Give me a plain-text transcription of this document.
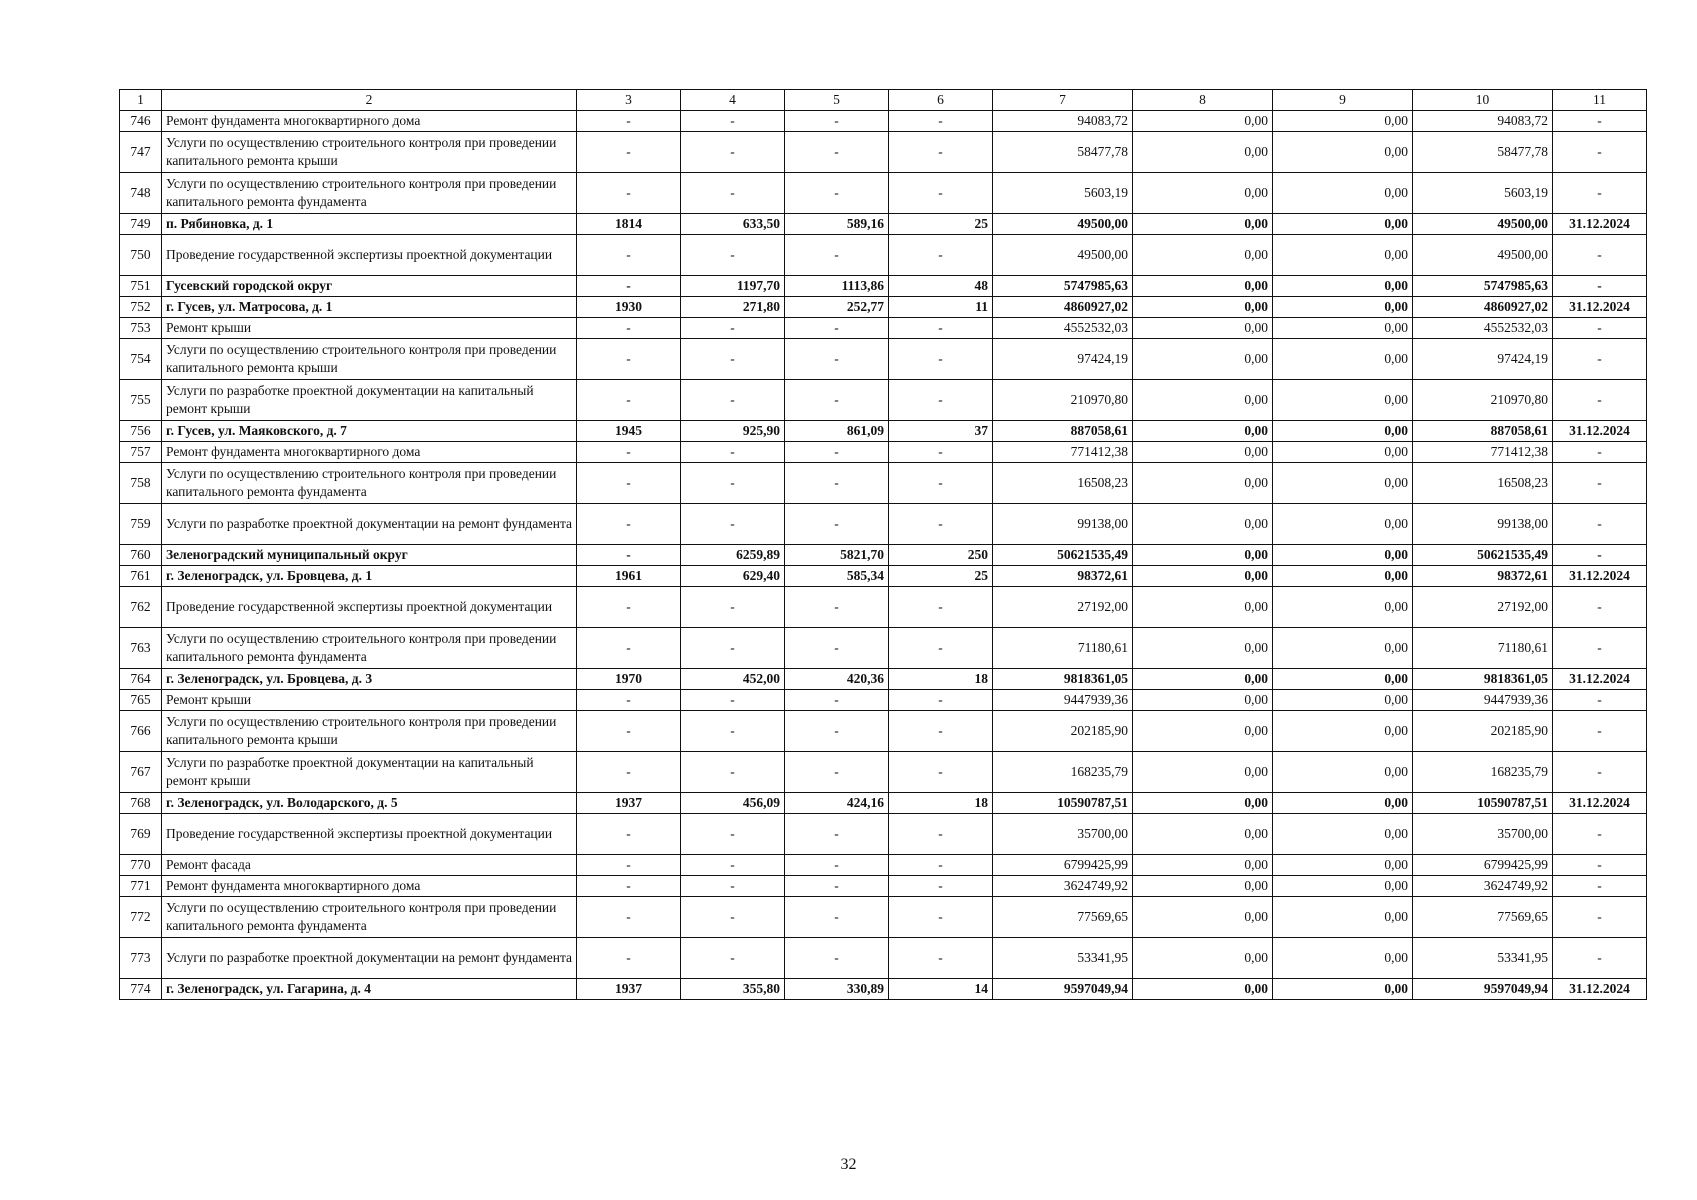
1	2	3	4	5	6	7	8	9	10	11
746	Ремонт фундамента многоквартирного дома	-	-	-	-	94083,72	0,00	0,00	94083,72	-
747	Услуги по осуществлению строительного контроля при проведении капитального ремонта крыши	-	-	-	-	58477,78	0,00	0,00	58477,78	-
748	Услуги по осуществлению строительного контроля при проведении капитального ремонта фундамента	-	-	-	-	5603,19	0,00	0,00	5603,19	-
749	п. Рябиновка, д. 1	1814	633,50	589,16	25	49500,00	0,00	0,00	49500,00	31.12.2024
750	Проведение государственной экспертизы проектной документации	-	-	-	-	49500,00	0,00	0,00	49500,00	-
751	Гусевский городской округ	-	1197,70	1113,86	48	5747985,63	0,00	0,00	5747985,63	-
752	г. Гусев, ул. Матросова, д. 1	1930	271,80	252,77	11	4860927,02	0,00	0,00	4860927,02	31.12.2024
753	Ремонт крыши	-	-	-	-	4552532,03	0,00	0,00	4552532,03	-
754	Услуги по осуществлению строительного контроля при проведении капитального ремонта крыши	-	-	-	-	97424,19	0,00	0,00	97424,19	-
755	Услуги по разработке проектной документации на капитальный ремонт крыши	-	-	-	-	210970,80	0,00	0,00	210970,80	-
756	г. Гусев, ул. Маяковского, д. 7	1945	925,90	861,09	37	887058,61	0,00	0,00	887058,61	31.12.2024
757	Ремонт фундамента многоквартирного дома	-	-	-	-	771412,38	0,00	0,00	771412,38	-
758	Услуги по осуществлению строительного контроля при проведении капитального ремонта фундамента	-	-	-	-	16508,23	0,00	0,00	16508,23	-
759	Услуги по разработке проектной документации на ремонт фундамента	-	-	-	-	99138,00	0,00	0,00	99138,00	-
760	Зеленоградский муниципальный округ	-	6259,89	5821,70	250	50621535,49	0,00	0,00	50621535,49	-
761	г. Зеленоградск, ул. Бровцева, д. 1	1961	629,40	585,34	25	98372,61	0,00	0,00	98372,61	31.12.2024
762	Проведение государственной экспертизы проектной документации	-	-	-	-	27192,00	0,00	0,00	27192,00	-
763	Услуги по осуществлению строительного контроля при проведении капитального ремонта фундамента	-	-	-	-	71180,61	0,00	0,00	71180,61	-
764	г. Зеленоградск, ул. Бровцева, д. 3	1970	452,00	420,36	18	9818361,05	0,00	0,00	9818361,05	31.12.2024
765	Ремонт крыши	-	-	-	-	9447939,36	0,00	0,00	9447939,36	-
766	Услуги по осуществлению строительного контроля при проведении капитального ремонта крыши	-	-	-	-	202185,90	0,00	0,00	202185,90	-
767	Услуги по разработке проектной документации на капитальный ремонт крыши	-	-	-	-	168235,79	0,00	0,00	168235,79	-
768	г. Зеленоградск, ул. Володарского, д. 5	1937	456,09	424,16	18	10590787,51	0,00	0,00	10590787,51	31.12.2024
769	Проведение государственной экспертизы проектной документации	-	-	-	-	35700,00	0,00	0,00	35700,00	-
770	Ремонт фасада	-	-	-	-	6799425,99	0,00	0,00	6799425,99	-
771	Ремонт фундамента многоквартирного дома	-	-	-	-	3624749,92	0,00	0,00	3624749,92	-
772	Услуги по осуществлению строительного контроля при проведении капитального ремонта фундамента	-	-	-	-	77569,65	0,00	0,00	77569,65	-
773	Услуги по разработке проектной документации на ремонт фундамента	-	-	-	-	53341,95	0,00	0,00	53341,95	-
774	г. Зеленоградск, ул. Гагарина, д. 4	1937	355,80	330,89	14	9597049,94	0,00	0,00	9597049,94	31.12.2024
32
